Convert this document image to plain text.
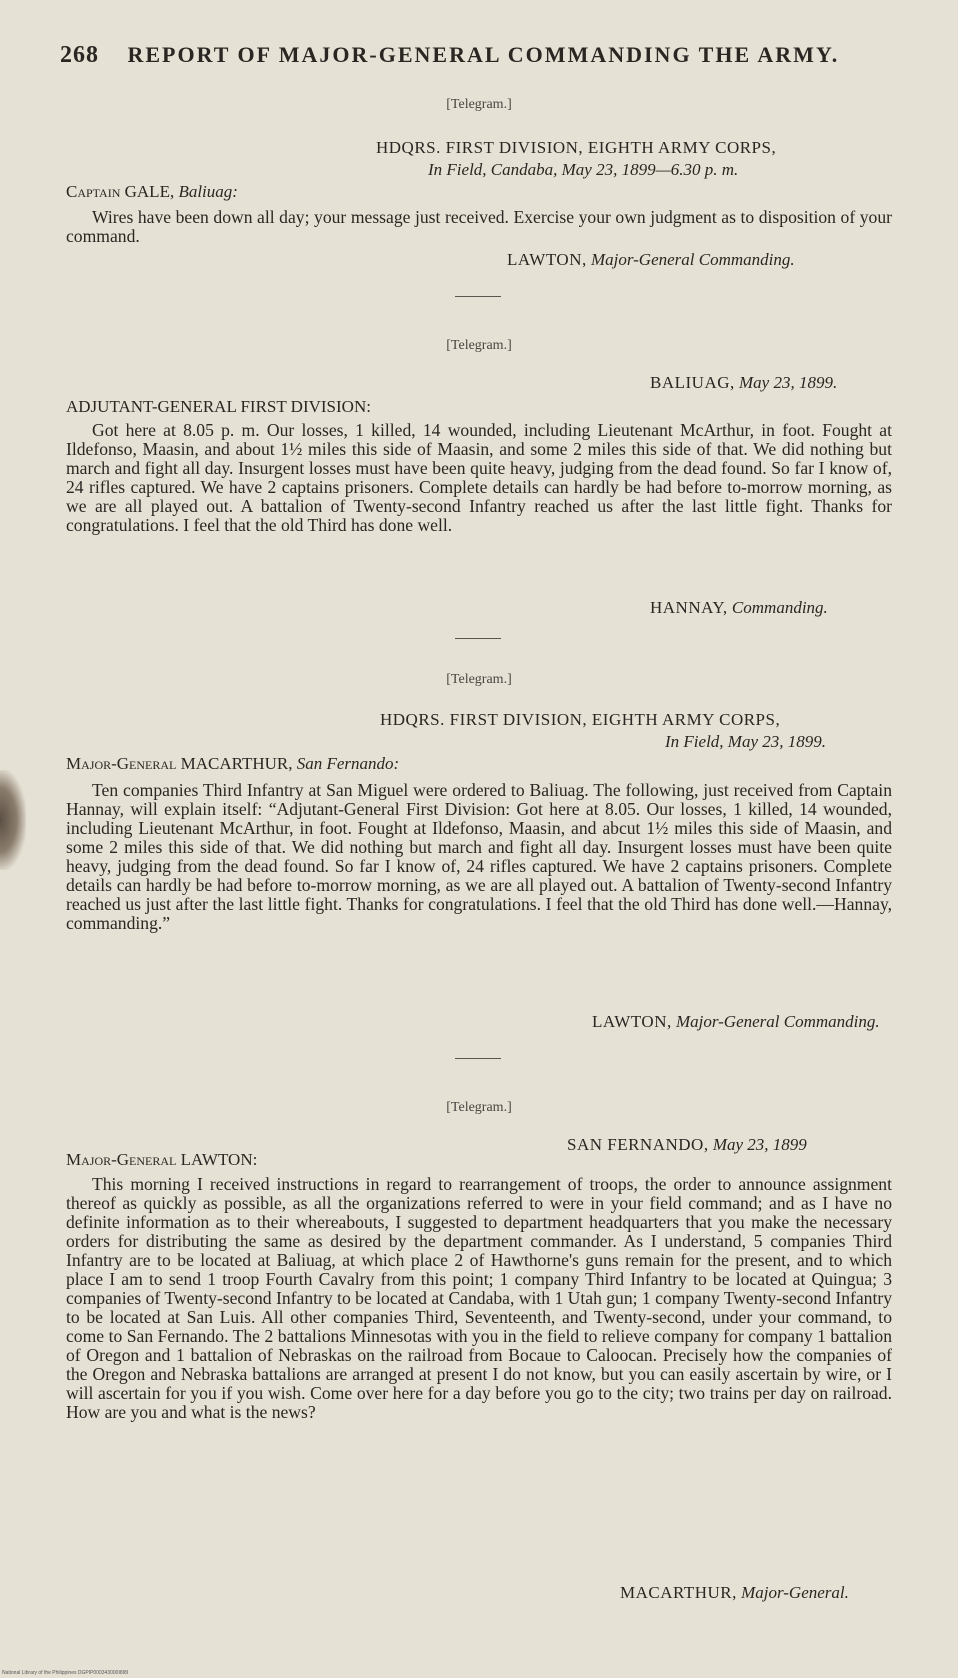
268 REPORT OF MAJOR-GENERAL COMMANDING THE ARMY.
[Telegram.]
HDQRS. FIRST DIVISION, EIGHTH ARMY CORPS,
In Field, Candaba, May 23, 1899—6.30 p. m.
Captain GALE, Baliuag:

Wires have been down all day; your message just received. Exercise your own judgment as to disposition of your command.

LAWTON, Major-General Commanding.
[Telegram.]
BALIUAG, May 23, 1899.
ADJUTANT-GENERAL FIRST DIVISION:

Got here at 8.05 p. m. Our losses, 1 killed, 14 wounded, including Lieutenant McArthur, in foot. Fought at Ildefonso, Maasin, and about 1½ miles this side of Maasin, and some 2 miles this side of that. We did nothing but march and fight all day. Insurgent losses must have been quite heavy, judging from the dead found. So far I know of, 24 rifles captured. We have 2 captains prisoners. Complete details can hardly be had before to-morrow morning, as we are all played out. A battalion of Twenty-second Infantry reached us after the last little fight. Thanks for congratulations. I feel that the old Third has done well.

HANNAY, Commanding.
[Telegram.]
HDQRS. FIRST DIVISION, EIGHTH ARMY CORPS,
In Field, May 23, 1899.
Major-General MACARTHUR, San Fernando:

Ten companies Third Infantry at San Miguel were ordered to Baliuag. The following, just received from Captain Hannay, will explain itself: “Adjutant-General First Division: Got here at 8.05. Our losses, 1 killed, 14 wounded, including Lieutenant McArthur, in foot. Fought at Ildefonso, Maasin, and abcut 1½ miles this side of Maasin, and some 2 miles this side of that. We did nothing but march and fight all day. Insurgent losses must have been quite heavy, judging from the dead found. So far I know of, 24 rifles captured. We have 2 captains prisoners. Complete details can hardly be had before to-morrow morning, as we are all played out. A battalion of Twenty-second Infantry reached us just after the last little fight. Thanks for congratulations. I feel that the old Third has done well.—Hannay, commanding.”

LAWTON, Major-General Commanding.
[Telegram.]
SAN FERNANDO, May 23, 1899
Major-General LAWTON:

This morning I received instructions in regard to rearrangement of troops, the order to announce assignment thereof as quickly as possible, as all the organizations referred to were in your field command; and as I have no definite information as to their whereabouts, I suggested to department headquarters that you make the necessary orders for distributing the same as desired by the department commander. As I understand, 5 companies Third Infantry are to be located at Baliuag, at which place 2 of Hawthorne's guns remain for the present, and to which place I am to send 1 troop Fourth Cavalry from this point; 1 company Third Infantry to be located at Quingua; 3 companies of Twenty-second Infantry to be located at Candaba, with 1 Utah gun; 1 company Twenty-second Infantry to be located at San Luis. All other companies Third, Seventeenth, and Twenty-second, under your command, to come to San Fernando. The 2 battalions Minnesotas with you in the field to relieve company for company 1 battalion of Oregon and 1 battalion of Nebraskas on the railroad from Bocaue to Caloocan. Precisely how the companies of the Oregon and Nebraska battalions are arranged at present I do not know, but you can easily ascertain by wire, or I will ascertain for you if you wish. Come over here for a day before you go to the city; two trains per day on railroad. How are you and what is the news?

MACARTHUR, Major-General.
National Library of the Philippines DGPIP000343000I8I8I
